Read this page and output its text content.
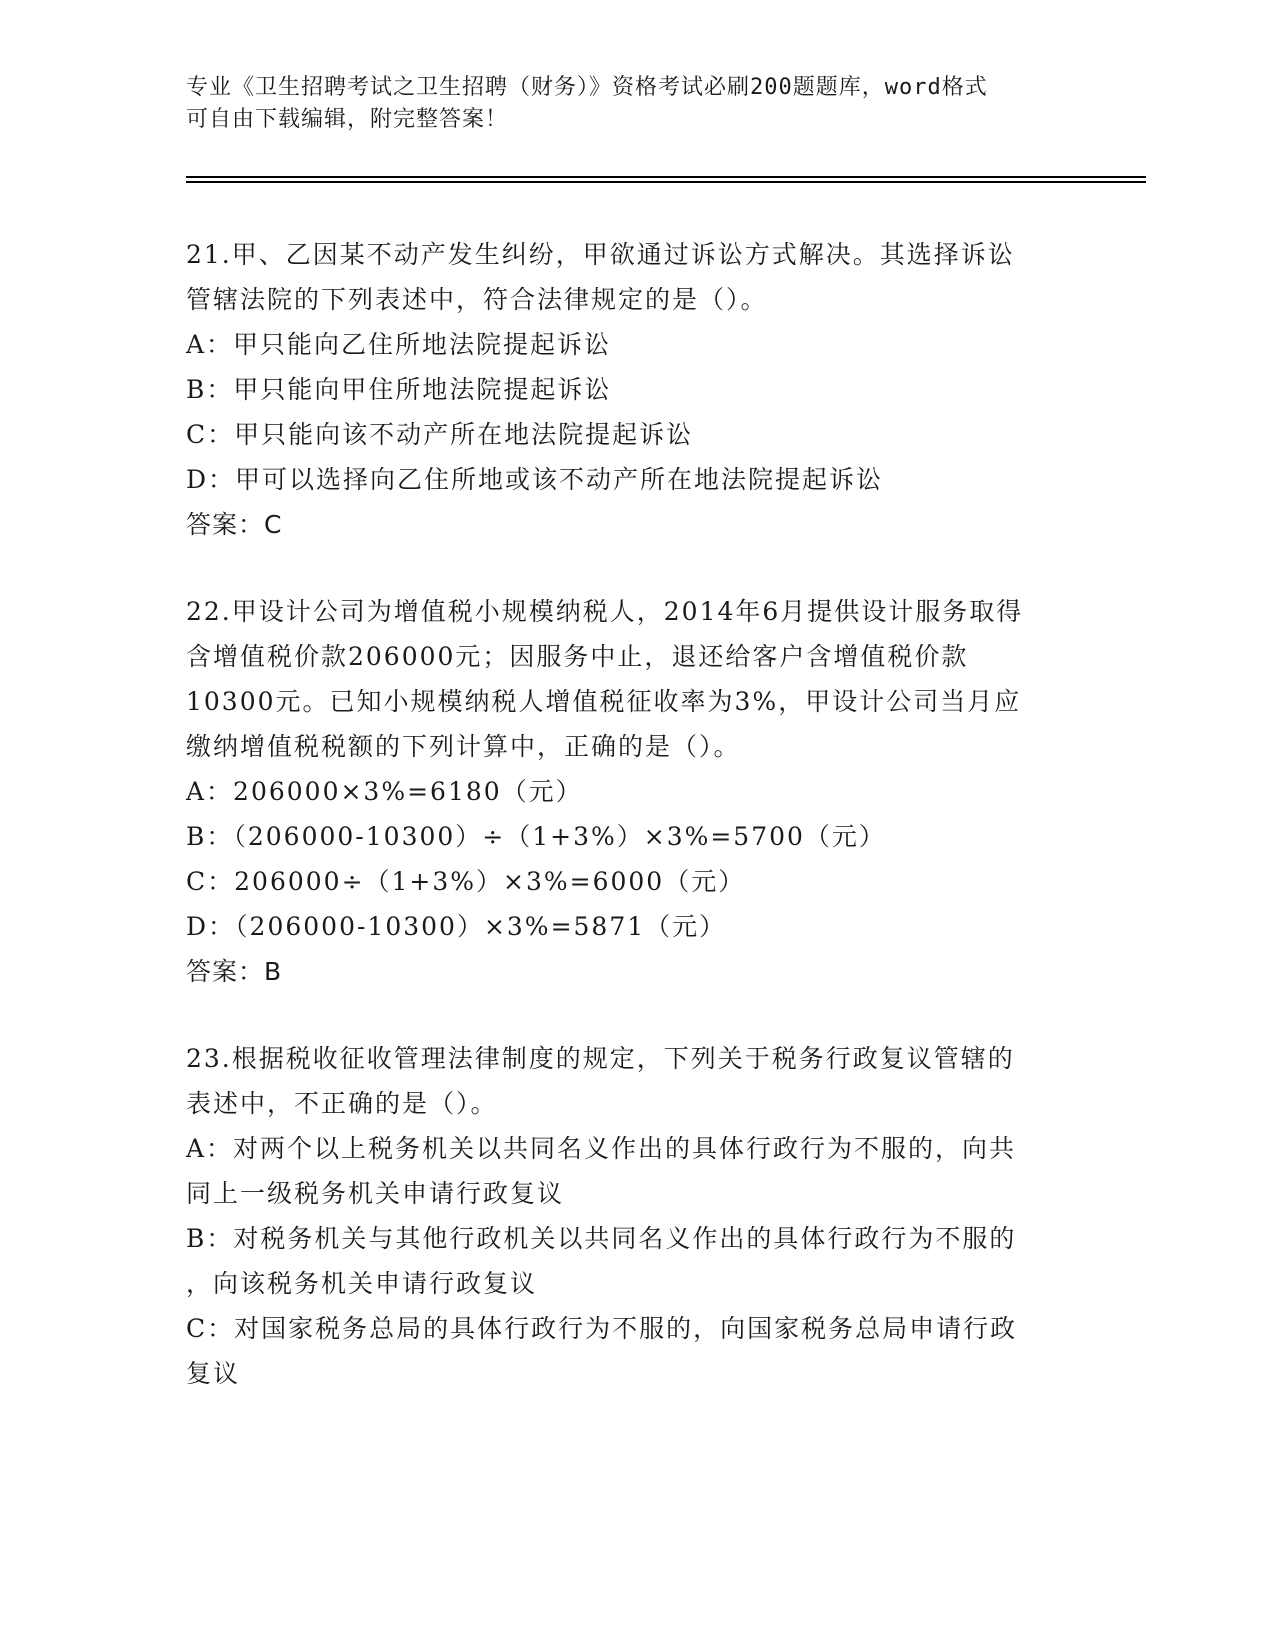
专业《卫生招聘考试之卫生招聘（财务）》资格考试必刷200题题库，word格式
可自由下载编辑，附完整答案！
21.甲、乙因某不动产发生纠纷，甲欲通过诉讼方式解决。其选择诉讼
管辖法院的下列表述中，符合法律规定的是（）。
A：甲只能向乙住所地法院提起诉讼
B：甲只能向甲住所地法院提起诉讼
C：甲只能向该不动产所在地法院提起诉讼
D：甲可以选择向乙住所地或该不动产所在地法院提起诉讼
答案：C
22.甲设计公司为增值税小规模纳税人，2014年6月提供设计服务取得
含增值税价款206000元；因服务中止，退还给客户含增值税价款
10300元。已知小规模纳税人增值税征收率为3%，甲设计公司当月应
缴纳增值税税额的下列计算中，正确的是（）。
A：206000×3%=6180（元）
B：（206000-10300）÷（1+3%）×3%=5700（元）
C：206000÷（1+3%）×3%=6000（元）
D：（206000-10300）×3%=5871（元）
答案：B
23.根据税收征收管理法律制度的规定，下列关于税务行政复议管辖的
表述中，不正确的是（）。
A：对两个以上税务机关以共同名义作出的具体行政行为不服的，向共
同上一级税务机关申请行政复议
B：对税务机关与其他行政机关以共同名义作出的具体行政行为不服的
，向该税务机关申请行政复议
C：对国家税务总局的具体行政行为不服的，向国家税务总局申请行政
复议
